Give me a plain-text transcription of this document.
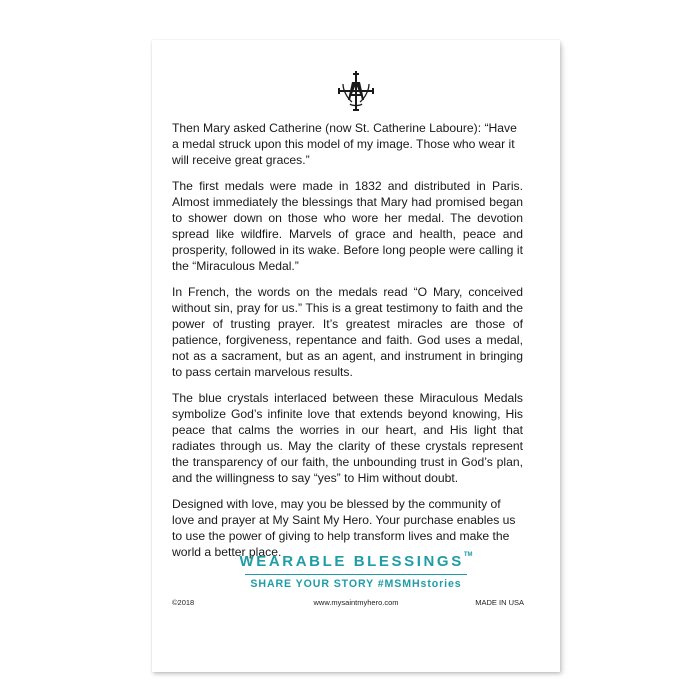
Then Mary asked Catherine (now St. Catherine Laboure): “Have a medal struck upon this model of my image. Those who wear it will receive great graces.”

The first medals were made in 1832 and distributed in Paris. Almost immediately the blessings that Mary had promised began to shower down on those who wore her medal. The devotion spread like wildfire. Marvels of grace and health, peace and prosperity, followed in its wake. Before long people were calling it the “Miraculous Medal.”

In French, the words on the medals read “O Mary, conceived without sin, pray for us.” This is a great testimony to faith and the power of trusting prayer. It’s greatest miracles are those of patience, forgiveness, repentance and faith. God uses a medal, not as a sacrament, but as an agent, and instrument in bringing to pass certain marvelous results.

The blue crystals interlaced between these Miraculous Medals symbolize God’s infinite love that extends beyond knowing, His peace that calms the worries in our heart, and His light that radiates through us. May the clarity of these crystals represent the transparency of our faith, the unbounding trust in God’s plan, and the willingness to say “yes” to Him without doubt.

Designed with love, may you be blessed by the community of love and prayer at My Saint My Hero. Your purchase enables us to use the power of giving to help transform lives and make the world a better place.

WEARABLE BLESSINGS™
SHARE YOUR STORY #MSMHstories
©2018	www.mysaintmyhero.com	MADE IN USA
